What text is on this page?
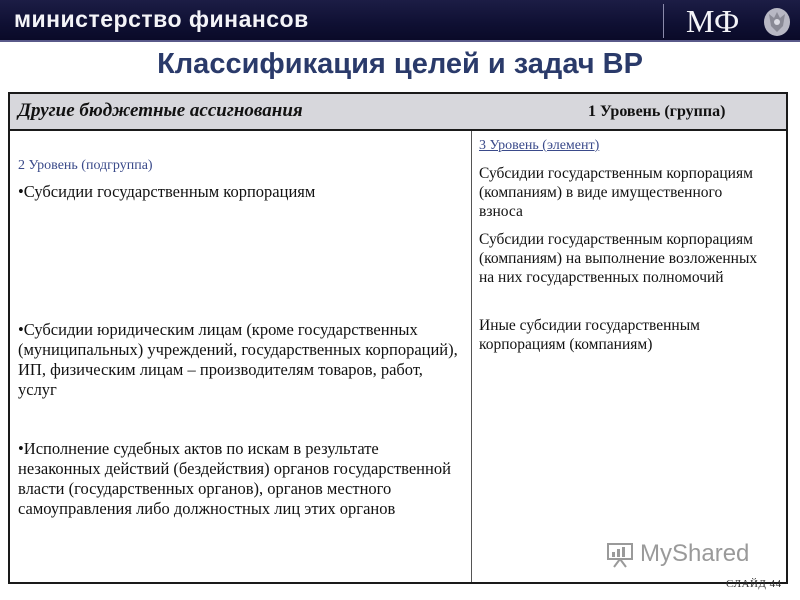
министерство финансов	МФ
Классификация целей и задач ВР
Другие бюджетные ассигнования	1 Уровень (группа)
2 Уровень (подгруппа)
•Субсидии государственным корпорациям
•Субсидии юридическим лицам (кроме государственных (муниципальных) учреждений, государственных корпораций), ИП, физическим лицам – производителям товаров, работ, услуг
•Исполнение судебных актов по искам в результате незаконных действий (бездействия) органов государственной власти (государственных органов), органов местного самоуправления либо должностных лиц этих органов
3 Уровень (элемент)
Субсидии государственным корпорациям (компаниям) в виде имущественного взноса
Субсидии государственным корпорациям (компаниям) на выполнение возложенных на них государственных полномочий
Иные субсидии государственным корпорациям (компаниям)
MyShared
СЛАЙД 44
